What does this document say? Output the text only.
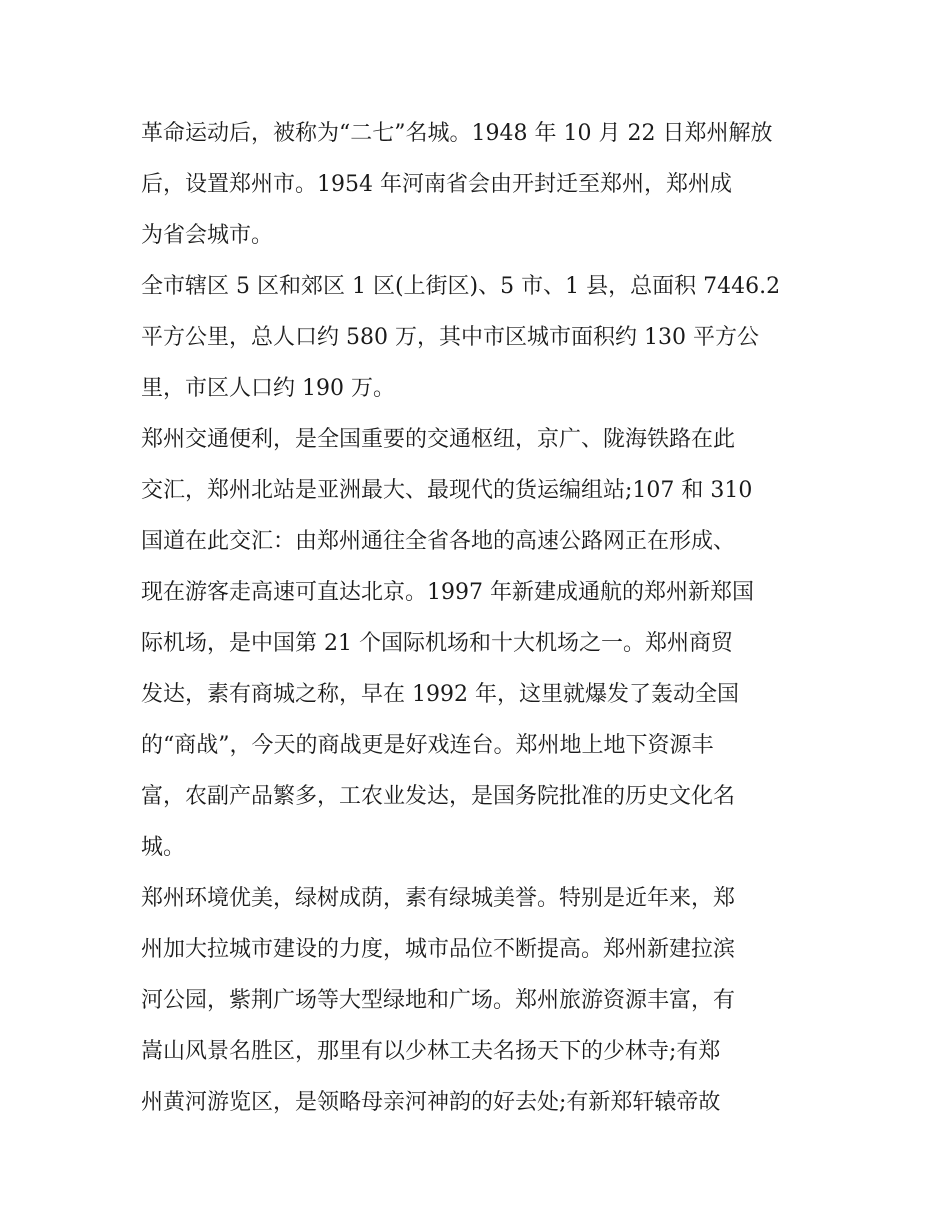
革命运动后，被称为“二七”名城。1948 年 10 月 22 日郑州解放
后，设置郑州市。1954 年河南省会由开封迁至郑州，郑州成
为省会城市。
全市辖区 5 区和郊区 1 区(上街区)、5 市、1 县，总面积 7446.2
平方公里，总人口约 580 万，其中市区城市面积约 130 平方公
里，市区人口约 190 万。
郑州交通便利，是全国重要的交通枢纽，京广、陇海铁路在此
交汇，郑州北站是亚洲最大、最现代的货运编组站;107 和 310
国道在此交汇：由郑州通往全省各地的高速公路网正在形成、
现在游客走高速可直达北京。1997 年新建成通航的郑州新郑国
际机场，是中国第 21 个国际机场和十大机场之一。郑州商贸
发达，素有商城之称，早在 1992 年，这里就爆发了轰动全国
的“商战”，今天的商战更是好戏连台。郑州地上地下资源丰
富，农副产品繁多，工农业发达，是国务院批准的历史文化名
城。
郑州环境优美，绿树成荫，素有绿城美誉。特别是近年来，郑
州加大拉城市建设的力度，城市品位不断提高。郑州新建拉滨
河公园，紫荆广场等大型绿地和广场。郑州旅游资源丰富，有
嵩山风景名胜区，那里有以少林工夫名扬天下的少林寺;有郑
州黄河游览区，是领略母亲河神韵的好去处;有新郑轩辕帝故
